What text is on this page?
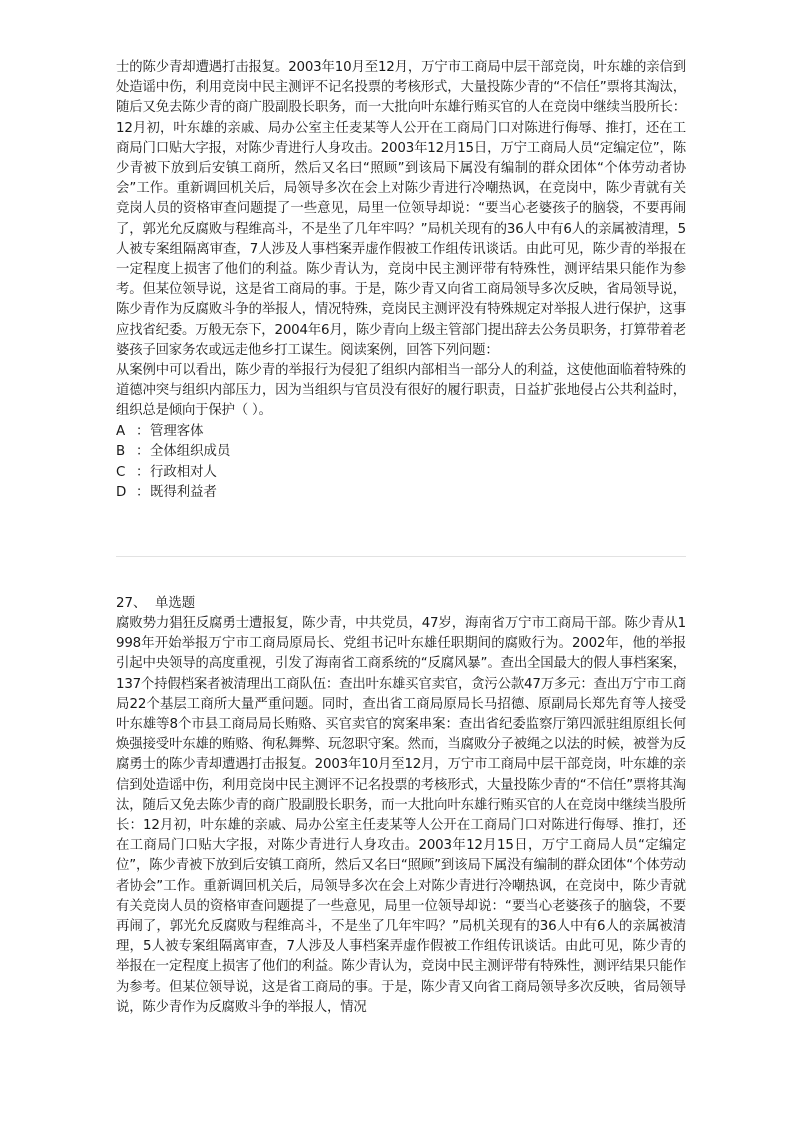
士的陈少青却遭遇打击报复。2003年10月至12月，万宁市工商局中层干部竞岗，叶东雄的亲信到处造谣中伤，利用竞岗中民主测评不记名投票的考核形式，大量投陈少青的“不信任”票将其淘汰，随后又免去陈少青的商广股副股长职务，而一大批向叶东雄行贿买官的人在竞岗中继续当股所长：12月初，叶东雄的亲戚、局办公室主任麦某等人公开在工商局门口对陈进行侮辱、推打，还在工商局门口贴大字报，对陈少青进行人身攻击。2003年12月15日，万宁工商局人员“定编定位”，陈少青被下放到后安镇工商所，然后又名曰“照顾”到该局下属没有编制的群众团体“个体劳动者协会”工作。重新调回机关后，局领导多次在会上对陈少青进行冷嘲热讽，在竞岗中，陈少青就有关竞岗人员的资格审查问题提了一些意见，局里一位领导却说：“要当心老婆孩子的脑袋，不要再闹了，郭光允反腐败与程维高斗，不是坐了几年牢吗？”局机关现有的36人中有6人的亲属被清理，5人被专案组隔离审查，7人涉及人事档案弄虚作假被工作组传讯谈话。由此可见，陈少青的举报在一定程度上损害了他们的利益。陈少青认为，竞岗中民主测评带有特殊性，测评结果只能作为参考。但某位领导说，这是省工商局的事。于是，陈少青又向省工商局领导多次反映，省局领导说，陈少青作为反腐败斗争的举报人，情况特殊，竞岗民主测评没有特殊规定对举报人进行保护，这事应找省纪委。万般无奈下，2004年6月，陈少青向上级主管部门提出辞去公务员职务，打算带着老婆孩子回家务农或远走他乡打工谋生。阅读案例，回答下列问题：

从案例中可以看出，陈少青的举报行为侵犯了组织内部相当一部分人的利益，这使他面临着特殊的道德冲突与组织内部压力，因为当组织与官员没有很好的履行职责，日益扩张地侵占公共利益时，组织总是倾向于保护（ ）。

A ：管理客体

B ：全体组织成员

C ：行政相对人

D ：既得利益者

27、 单选题

腐败势力猖狂反腐勇士遭报复，陈少青，中共党员，47岁，海南省万宁市工商局干部。陈少青从1998年开始举报万宁市工商局原局长、党组书记叶东雄任职期间的腐败行为。2002年，他的举报引起中央领导的高度重视，引发了海南省工商系统的“反腐风暴”。查出全国最大的假人事档案案，137个持假档案者被清理出工商队伍：查出叶东雄买官卖官，贪污公款47万多元：查出万宁市工商局22个基层工商所大量严重问题。同时，查出省工商局原局长马招德、原副局长郑先育等人接受叶东雄等8个市县工商局局长贿赂、买官卖官的窝案串案：查出省纪委监察厅第四派驻组原组长何焕强接受叶东雄的贿赂、徇私舞弊、玩忽职守案。然而，当腐败分子被绳之以法的时候，被誉为反腐勇士的陈少青却遭遇打击报复。2003年10月至12月，万宁市工商局中层干部竞岗，叶东雄的亲信到处造谣中伤，利用竞岗中民主测评不记名投票的考核形式，大量投陈少青的“不信任”票将其淘汰，随后又免去陈少青的商广股副股长职务，而一大批向叶东雄行贿买官的人在竞岗中继续当股所长：12月初，叶东雄的亲戚、局办公室主任麦某等人公开在工商局门口对陈进行侮辱、推打，还在工商局门口贴大字报，对陈少青进行人身攻击。2003年12月15日，万宁工商局人员“定编定位”，陈少青被下放到后安镇工商所，然后又名曰“照顾”到该局下属没有编制的群众团体“个体劳动者协会”工作。重新调回机关后，局领导多次在会上对陈少青进行冷嘲热讽，在竞岗中，陈少青就有关竞岗人员的资格审查问题提了一些意见，局里一位领导却说：“要当心老婆孩子的脑袋，不要再闹了，郭光允反腐败与程维高斗，不是坐了几年牢吗？”局机关现有的36人中有6人的亲属被清理，5人被专案组隔离审查，7人涉及人事档案弄虚作假被工作组传讯谈话。由此可见，陈少青的举报在一定程度上损害了他们的利益。陈少青认为，竞岗中民主测评带有特殊性，测评结果只能作为参考。但某位领导说，这是省工商局的事。于是，陈少青又向省工商局领导多次反映，省局领导说，陈少青作为反腐败斗争的举报人，情况
